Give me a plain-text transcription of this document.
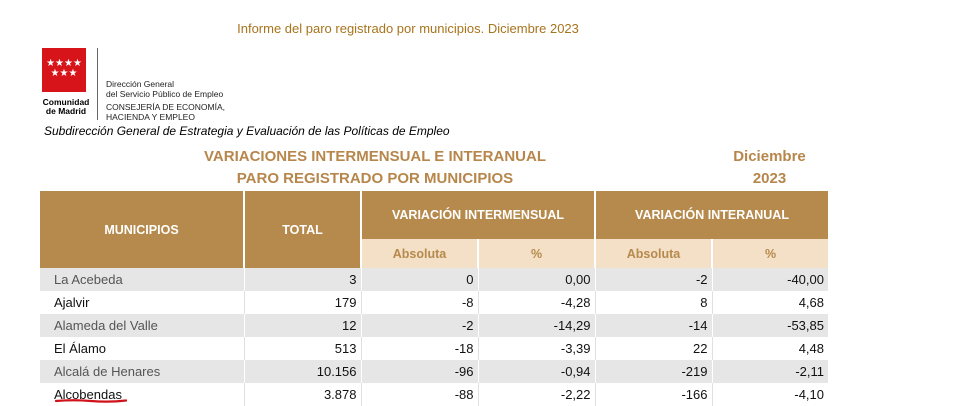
Informe del paro registrado por municipios. Diciembre 2023
★★★★
★★★
Comunidad
de Madrid
Dirección General
del Servicio Público de Empleo
CONSEJERÍA DE ECONOMÍA,
HACIENDA Y EMPLEO
Subdirección General de Estrategia y Evaluación de las Políticas de Empleo
VARIACIONES INTERMENSUAL E INTERANUAL
PARO REGISTRADO POR MUNICIPIOS
Diciembre
2023
MUNICIPIOS	TOTAL	VARIACIÓN INTERMENSUAL		VARIACIÓN INTERANUAL	
		Absoluta	%	Absoluta	%
La Acebeda	3	0	0,00	-2	-40,00
Ajalvir	179	-8	-4,28	8	4,68
Alameda del Valle	12	-2	-14,29	-14	-53,85
El Álamo	513	-18	-3,39	22	4,48
Alcalá de Henares	10.156	-96	-0,94	-219	-2,11
Alcobendas	3.878	-88	-2,22	-166	-4,10
